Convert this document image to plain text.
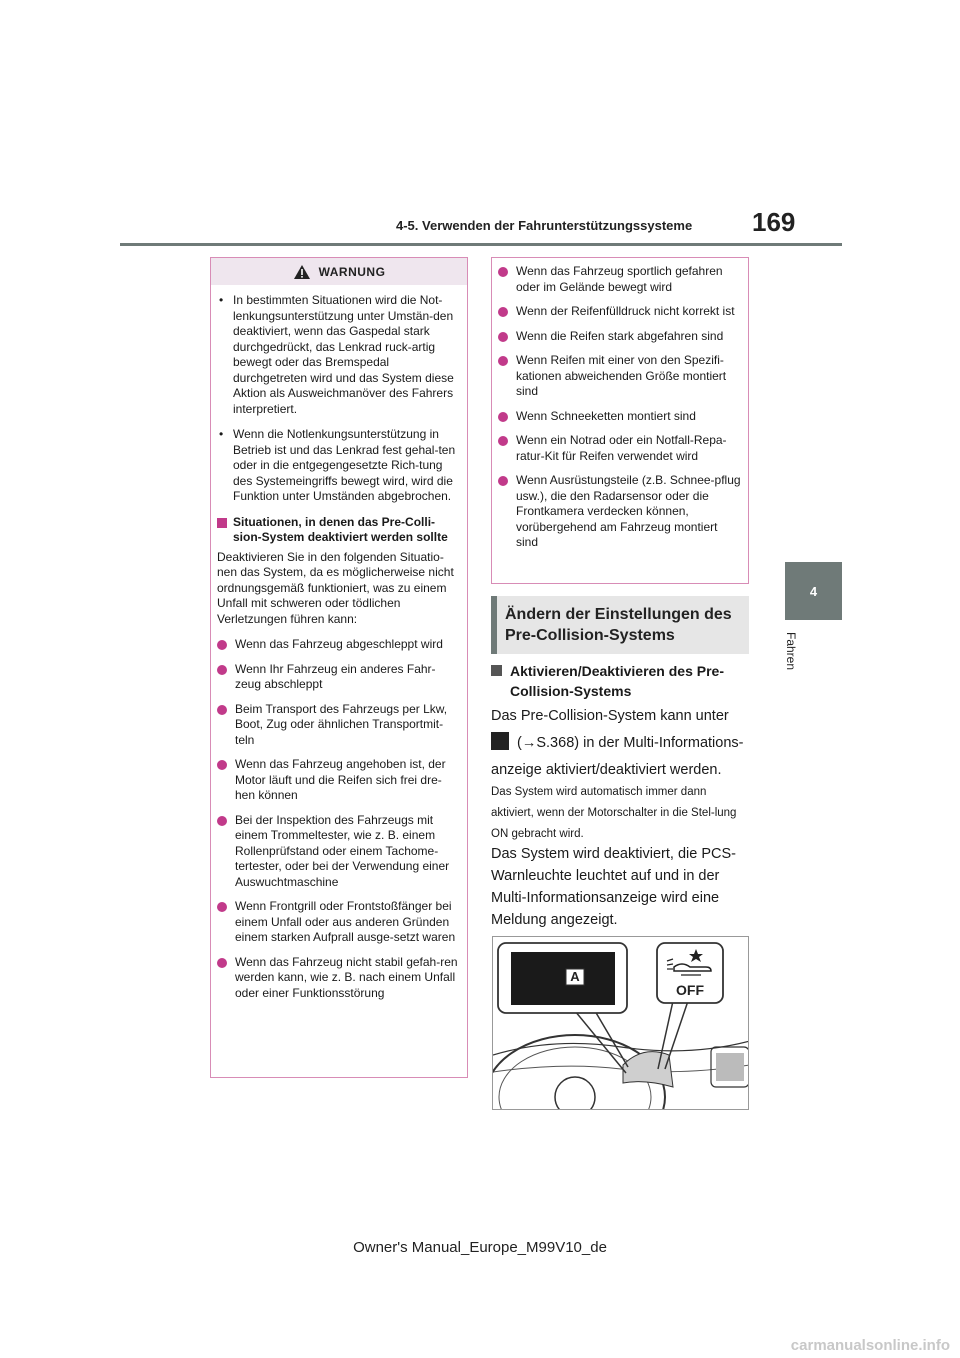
4-5. Verwenden der Fahrunterstützungssysteme 169
4
Fahren
WARNUNG
• In bestimmten Situationen wird die Not-lenkungsunterstützung unter Umstän-den deaktiviert, wenn das Gaspedal stark durchgedrückt, das Lenkrad ruck-artig bewegt oder das Bremspedal durchgetreten wird und das System diese Aktion als Ausweichmanöver des Fahrers interpretiert.
• Wenn die Notlenkungsunterstützung in Betrieb ist und das Lenkrad fest gehal-ten oder in die entgegengesetzte Rich-tung des Systemeingriffs bewegt wird, wird die Funktion unter Umständen abgebrochen.
Situationen, in denen das Pre-Colli-sion-System deaktiviert werden sollte
Deaktivieren Sie in den folgenden Situatio-nen das System, da es möglicherweise nicht ordnungsgemäß funktioniert, was zu einem Unfall mit schweren oder tödlichen Verletzungen führen kann:
Wenn das Fahrzeug abgeschleppt wird
Wenn Ihr Fahrzeug ein anderes Fahr-zeug abschleppt
Beim Transport des Fahrzeugs per Lkw, Boot, Zug oder ähnlichen Transportmit-teln
Wenn das Fahrzeug angehoben ist, der Motor läuft und die Reifen sich frei dre-hen können
Bei der Inspektion des Fahrzeugs mit einem Trommeltester, wie z. B. einem Rollenprüfstand oder einem Tachome-tertester, oder bei der Verwendung einer Auswuchtmaschine
Wenn Frontgrill oder Frontstoßfänger bei einem Unfall oder aus anderen Gründen einem starken Aufprall ausge-setzt waren
Wenn das Fahrzeug nicht stabil gefah-ren werden kann, wie z. B. nach einem Unfall oder einer Funktionsstörung
Wenn das Fahrzeug sportlich gefahren oder im Gelände bewegt wird
Wenn der Reifenfülldruck nicht korrekt ist
Wenn die Reifen stark abgefahren sind
Wenn Reifen mit einer von den Spezifi-kationen abweichenden Größe montiert sind
Wenn Schneeketten montiert sind
Wenn ein Notrad oder ein Notfall-Repa-ratur-Kit für Reifen verwendet wird
Wenn Ausrüstungsteile (z.B. Schnee-pflug usw.), die den Radarsensor oder die Frontkamera verdecken können, vorübergehend am Fahrzeug montiert sind
Ändern der Einstellungen des Pre-Collision-Systems
Aktivieren/Deaktivieren des Pre-Collision-Systems
Das Pre-Collision-System kann unter
(→S.368) in der Multi-Informations-anzeige aktiviert/deaktiviert werden.
Das System wird automatisch immer dann aktiviert, wenn der Motorschalter in die Stel-lung ON gebracht wird.
Das System wird deaktiviert, die PCS-Warnleuchte leuchtet auf und in der Multi-Informationsanzeige wird eine Meldung angezeigt.
A
OFF
Owner's Manual_Europe_M99V10_de
carmanualsonline.info
